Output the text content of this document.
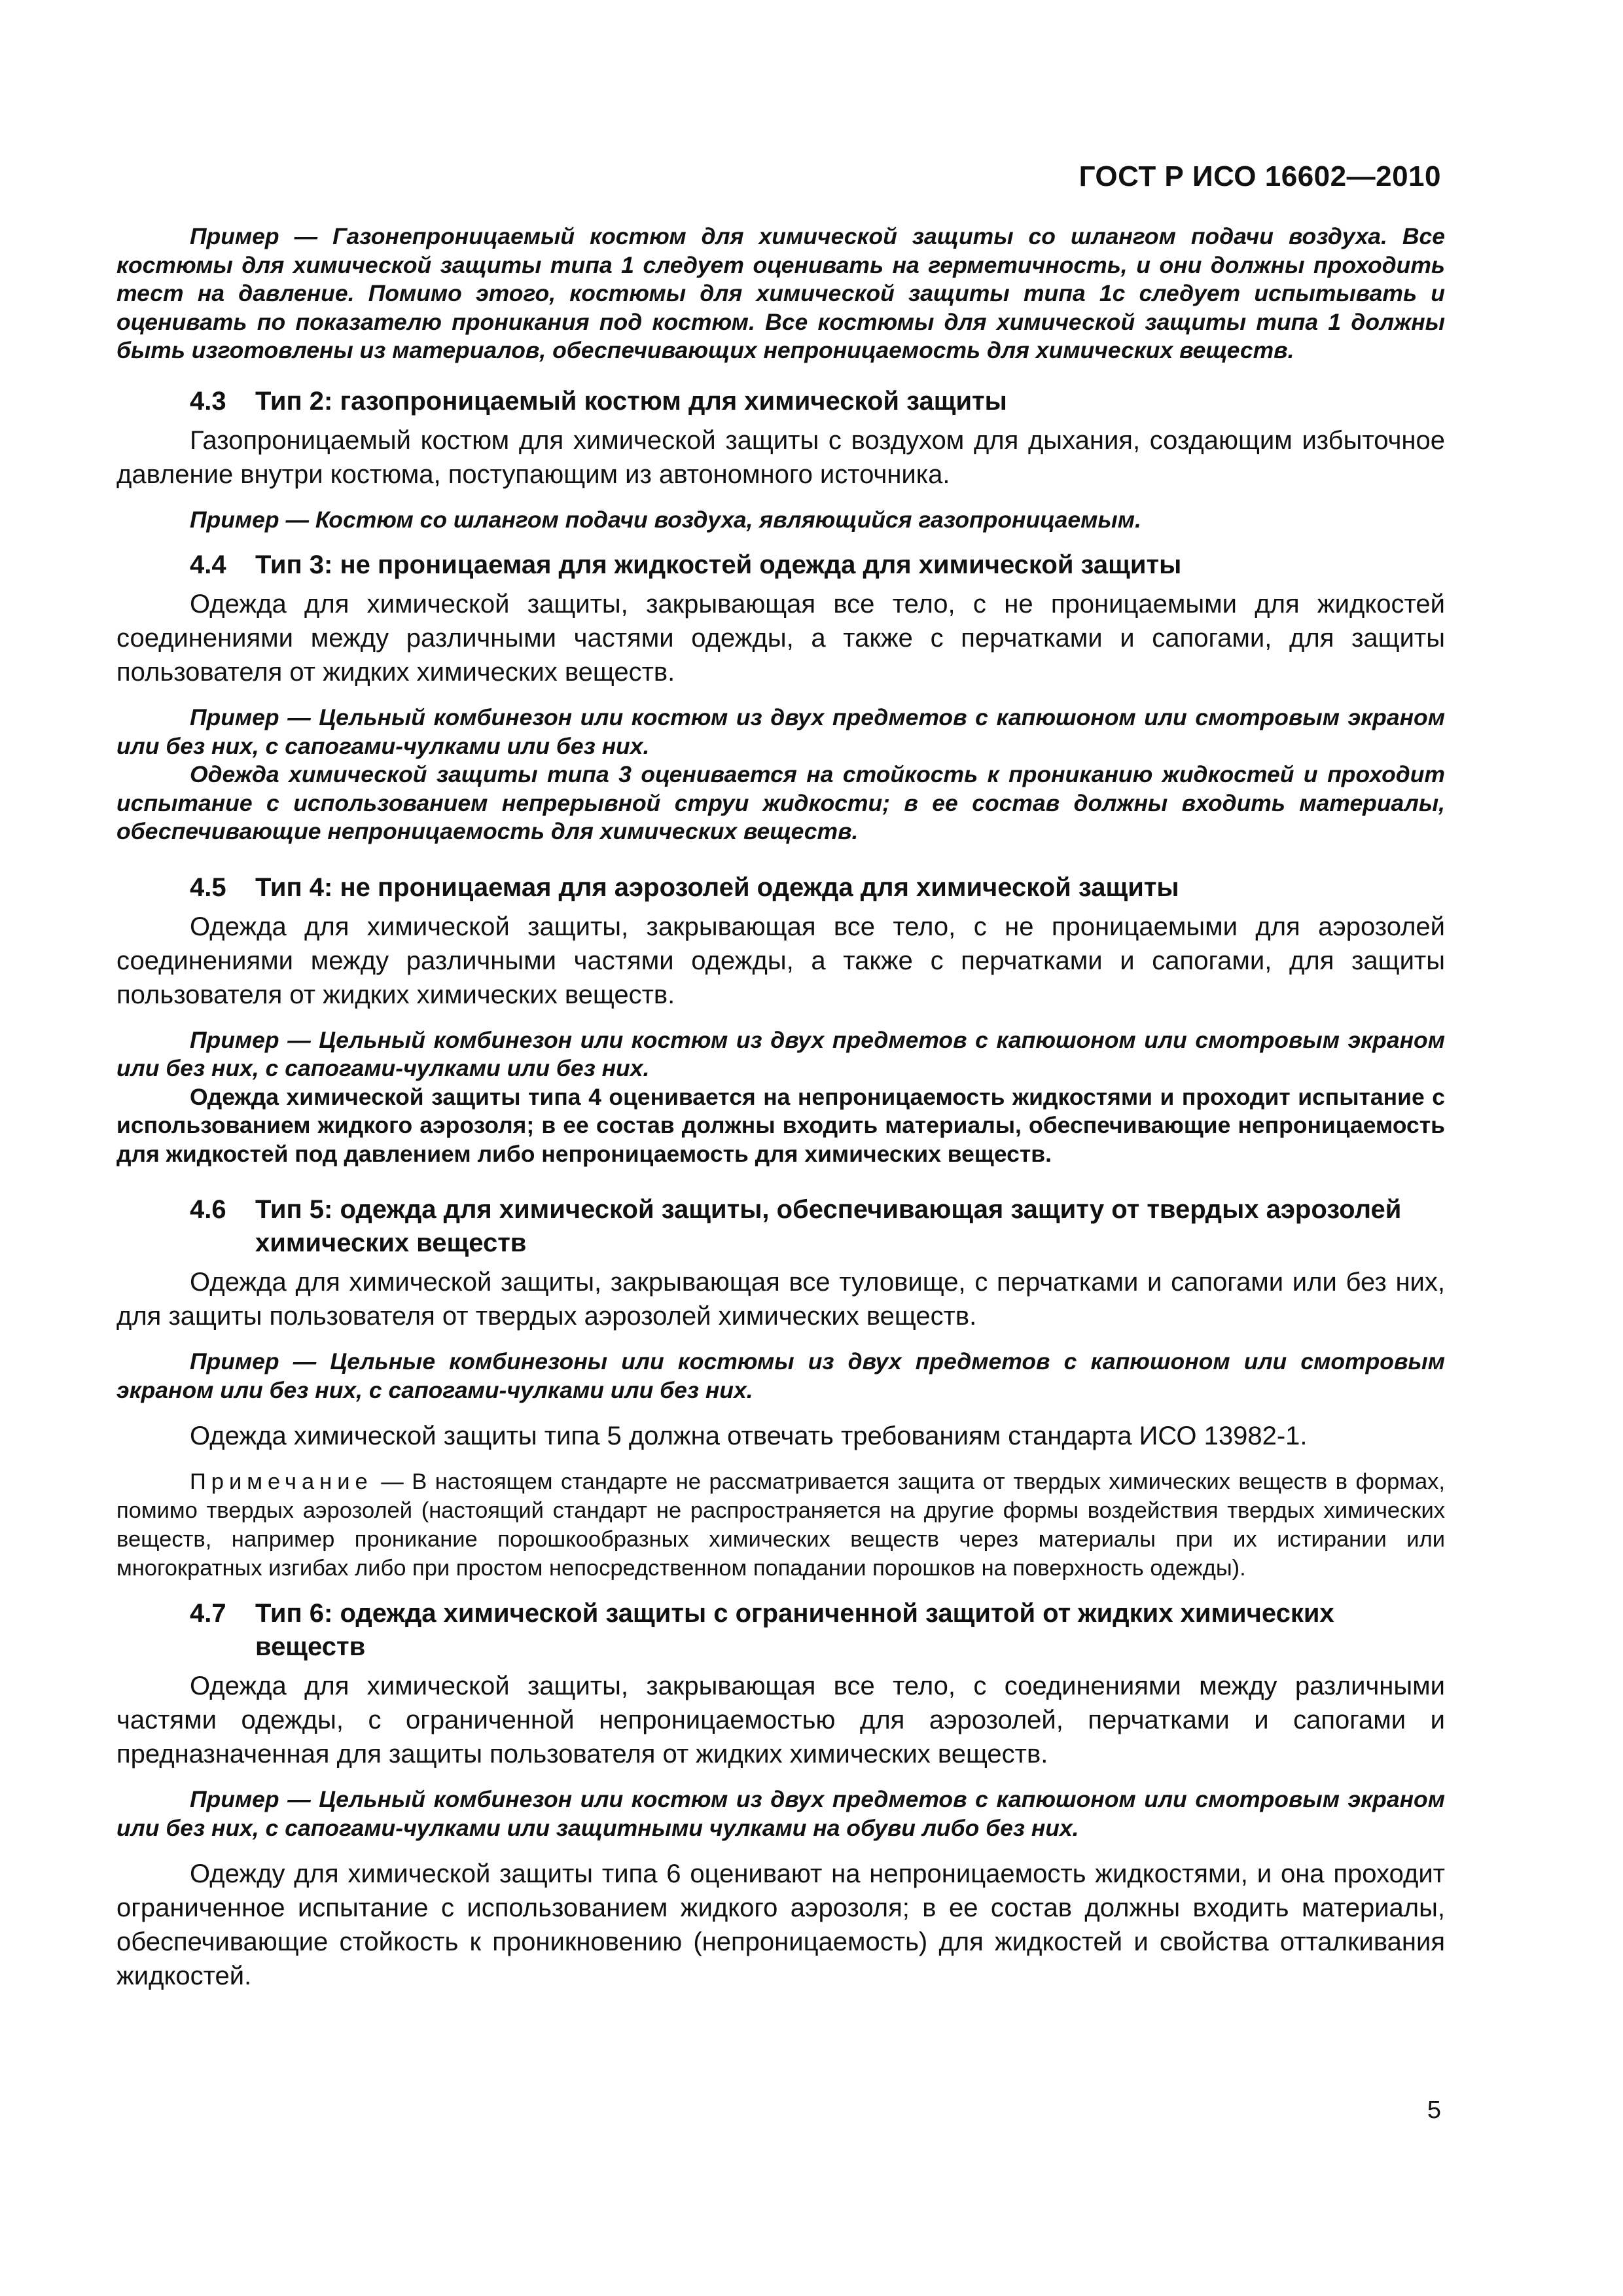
ГОСТ Р ИСО 16602—2010

Пример — Газонепроницаемый костюм для химической защиты со шлангом подачи воздуха. Все костюмы для химической защиты типа 1 следует оценивать на герметичность, и они должны проходить тест на давление. Помимо этого, костюмы для химической защиты типа 1с следует испытывать и оценивать по показателю проникания под костюм. Все костюмы для химической защиты типа 1 должны быть изготовлены из материалов, обеспечивающих непроницаемость для химических веществ.

4.3 Тип 2: газопроницаемый костюм для химической защиты

Газопроницаемый костюм для химической защиты с воздухом для дыхания, создающим избыточное давление внутри костюма, поступающим из автономного источника.

Пример — Костюм со шлангом подачи воздуха, являющийся газопроницаемым.

4.4 Тип 3: не проницаемая для жидкостей одежда для химической защиты

Одежда для химической защиты, закрывающая все тело, с не проницаемыми для жидкостей соединениями между различными частями одежды, а также с перчатками и сапогами, для защиты пользователя от жидких химических веществ.

Пример — Цельный комбинезон или костюм из двух предметов с капюшоном или смотровым экраном или без них, с сапогами-чулками или без них.

Одежда химической защиты типа 3 оценивается на стойкость к прониканию жидкостей и проходит испытание с использованием непрерывной струи жидкости; в ее состав должны входить материалы, обеспечивающие непроницаемость для химических веществ.

4.5 Тип 4: не проницаемая для аэрозолей одежда для химической защиты

Одежда для химической защиты, закрывающая все тело, с не проницаемыми для аэрозолей соединениями между различными частями одежды, а также с перчатками и сапогами, для защиты пользователя от жидких химических веществ.

Пример — Цельный комбинезон или костюм из двух предметов с капюшоном или смотровым экраном или без них, с сапогами-чулками или без них.

Одежда химической защиты типа 4 оценивается на непроницаемость жидкостями и проходит испытание с использованием жидкого аэрозоля; в ее состав должны входить материалы, обеспечивающие непроницаемость для жидкостей под давлением либо непроницаемость для химических веществ.

4.6 Тип 5: одежда для химической защиты, обеспечивающая защиту от твердых аэрозолей химических веществ

Одежда для химической защиты, закрывающая все туловище, с перчатками и сапогами или без них, для защиты пользователя от твердых аэрозолей химических веществ.

Пример — Цельные комбинезоны или костюмы из двух предметов с капюшоном или смотровым экраном или без них, с сапогами-чулками или без них.

Одежда химической защиты типа 5 должна отвечать требованиям стандарта ИСО 13982-1.

Примечание — В настоящем стандарте не рассматривается защита от твердых химических веществ в формах, помимо твердых аэрозолей (настоящий стандарт не распространяется на другие формы воздействия твердых химических веществ, например проникание порошкообразных химических веществ через материалы при их истирании или многократных изгибах либо при простом непосредственном попадании порошков на поверхность одежды).

4.7 Тип 6: одежда химической защиты с ограниченной защитой от жидких химических веществ

Одежда для химической защиты, закрывающая все тело, с соединениями между различными частями одежды, с ограниченной непроницаемостью для аэрозолей, перчатками и сапогами и предназначенная для защиты пользователя от жидких химических веществ.

Пример — Цельный комбинезон или костюм из двух предметов с капюшоном или смотровым экраном или без них, с сапогами-чулками или защитными чулками на обуви либо без них.

Одежду для химической защиты типа 6 оценивают на непроницаемость жидкостями, и она проходит ограниченное испытание с использованием жидкого аэрозоля; в ее состав должны входить материалы, обеспечивающие стойкость к проникновению (непроницаемость) для жидкостей и свойства отталкивания жидкостей.

5
